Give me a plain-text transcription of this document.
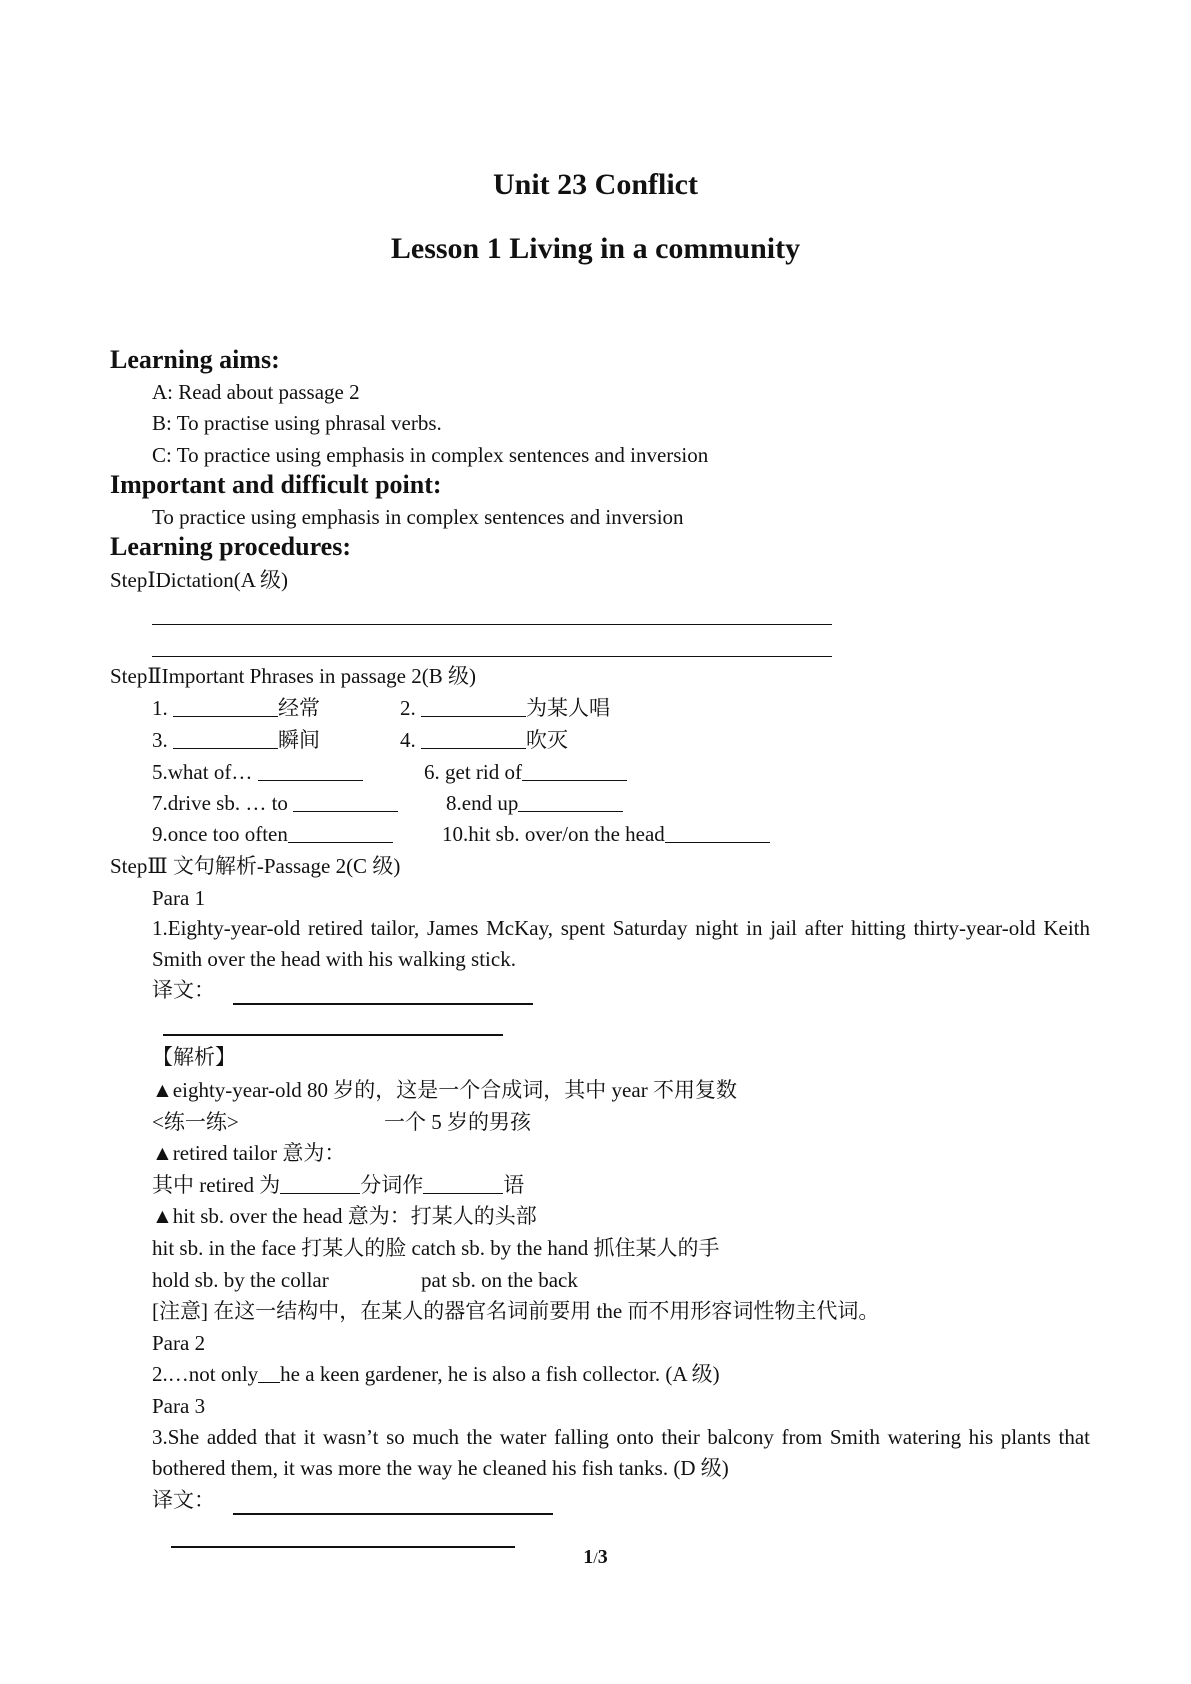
Unit 23 Conflict
Lesson 1 Living in a community
Learning aims:
A: Read about passage 2
B: To practise using phrasal verbs.
C: To practice using emphasis in complex sentences and inversion
Important and difficult point:
To practice using emphasis in complex sentences and inversion
Learning procedures:
StepⅠDictation(A 级)
StepⅡImportant Phrases in passage 2(B 级)
1.	经常	2.	为某人唱
3.	瞬间	4.	吹灭
5.what of…	6. get rid of
7.drive sb. … to	8.end up
9.once too often	10.hit sb. over/on the head
StepⅢ 文句解析-Passage 2(C 级)
Para 1
1.Eighty-year-old retired tailor, James McKay, spent Saturday night in jail after hitting thirty-year-old Keith Smith over the head with his walking stick.
译文：
【解析】
▲eighty-year-old 80 岁的，这是一个合成词，其中 year 不用复数
<练一练>	一个 5 岁的男孩
▲retired tailor 意为：
其中 retired 为	分词作	语
▲hit sb. over the head 意为：打某人的头部
hit sb. in the face 打某人的脸 catch sb. by the hand 抓住某人的手
hold sb. by the collar	pat sb. on the back
[注意] 在这一结构中，在某人的器官名词前要用 the 而不用形容词性物主代词。
Para 2
2.…not only he a keen gardener, he is also a fish collector. (A 级)
Para 3
3.She added that it wasn’t so much the water falling onto their balcony from Smith watering his plants that bothered them, it was more the way he cleaned his fish tanks. (D 级)
译文：
1/3
